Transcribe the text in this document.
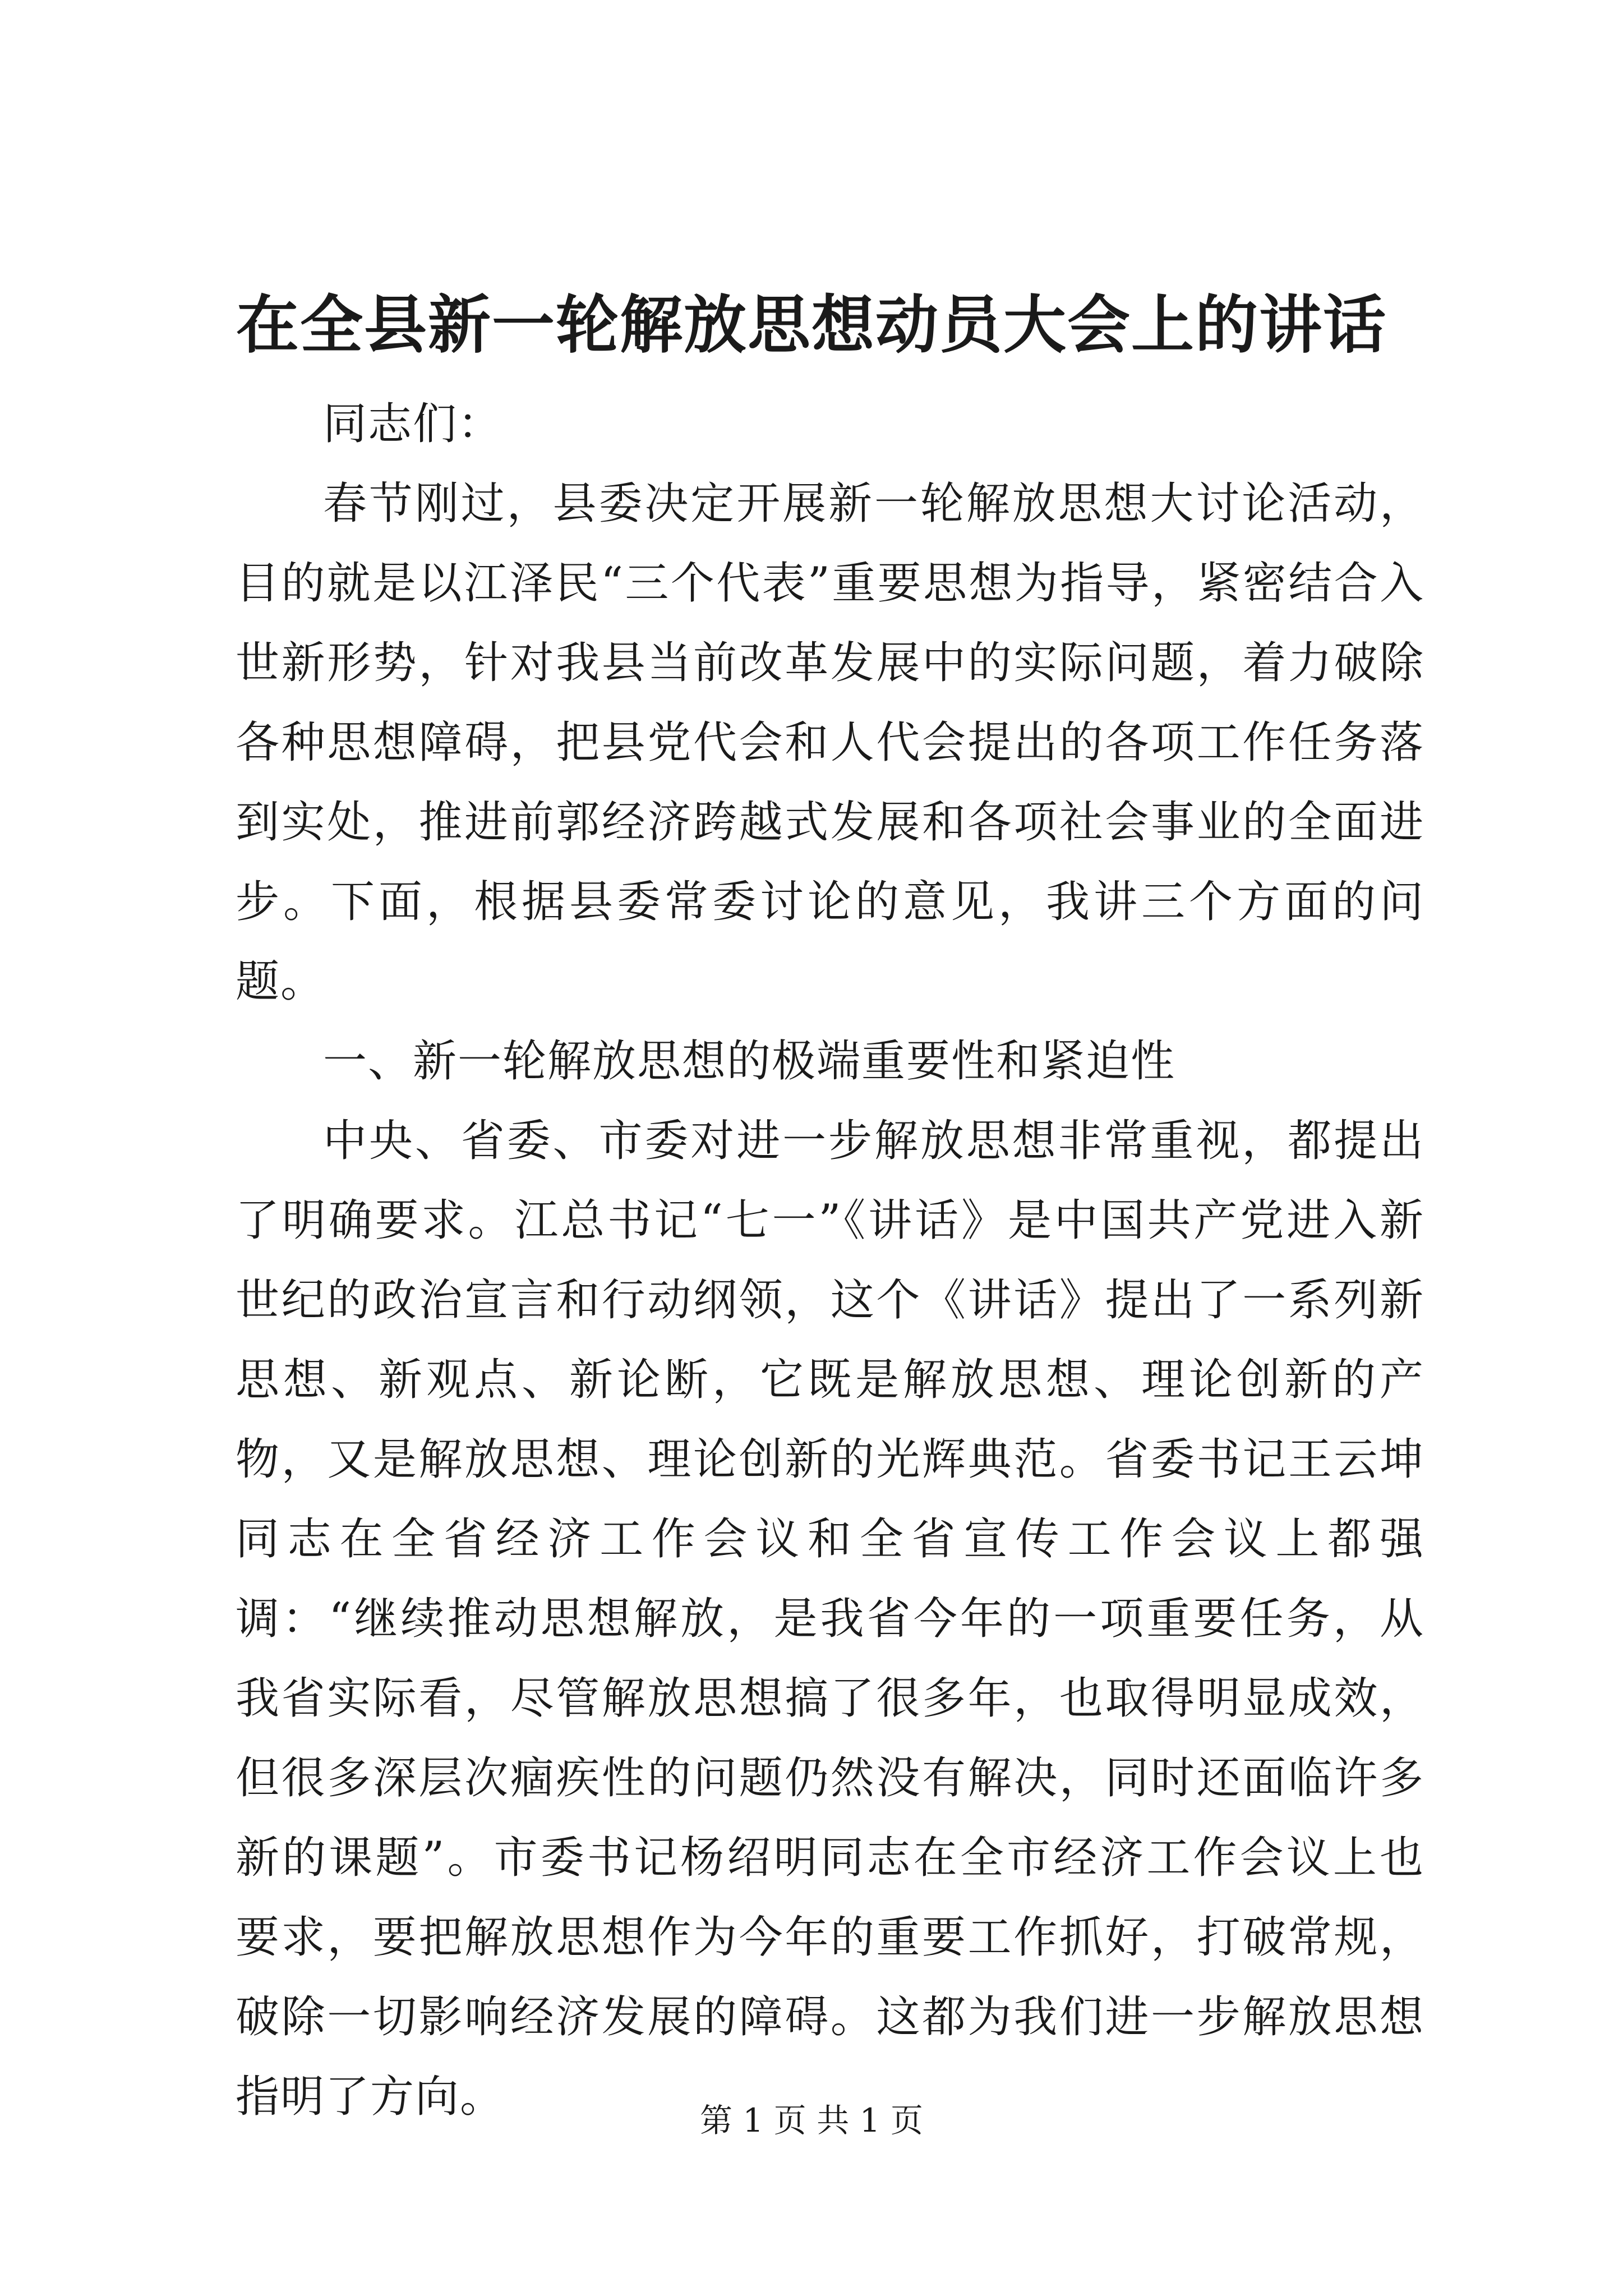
在全县新一轮解放思想动员大会上的讲话

同志们：

春节刚过，县委决定开展新一轮解放思想大讨论活动，目的就是以江泽民“三个代表”重要思想为指导，紧密结合入世新形势，针对我县当前改革发展中的实际问题，着力破除各种思想障碍，把县党代会和人代会提出的各项工作任务落到实处，推进前郭经济跨越式发展和各项社会事业的全面进步。下面，根据县委常委讨论的意见，我讲三个方面的问题。

一、新一轮解放思想的极端重要性和紧迫性

中央、省委、市委对进一步解放思想非常重视，都提出了明确要求。江总书记“七一”《讲话》是中国共产党进入新世纪的政治宣言和行动纲领，这个《讲话》提出了一系列新思想、新观点、新论断，它既是解放思想、理论创新的产物，又是解放思想、理论创新的光辉典范。省委书记王云坤同志在全省经济工作会议和全省宣传工作会议上都强调：“继续推动思想解放，是我省今年的一项重要任务，从我省实际看，尽管解放思想搞了很多年，也取得明显成效，但很多深层次痼疾性的问题仍然没有解决，同时还面临许多新的课题”。市委书记杨绍明同志在全市经济工作会议上也要求，要把解放思想作为今年的重要工作抓好，打破常规，破除一切影响经济发展的障碍。这都为我们进一步解放思想指明了方向。	第 1 页 共 1 页
